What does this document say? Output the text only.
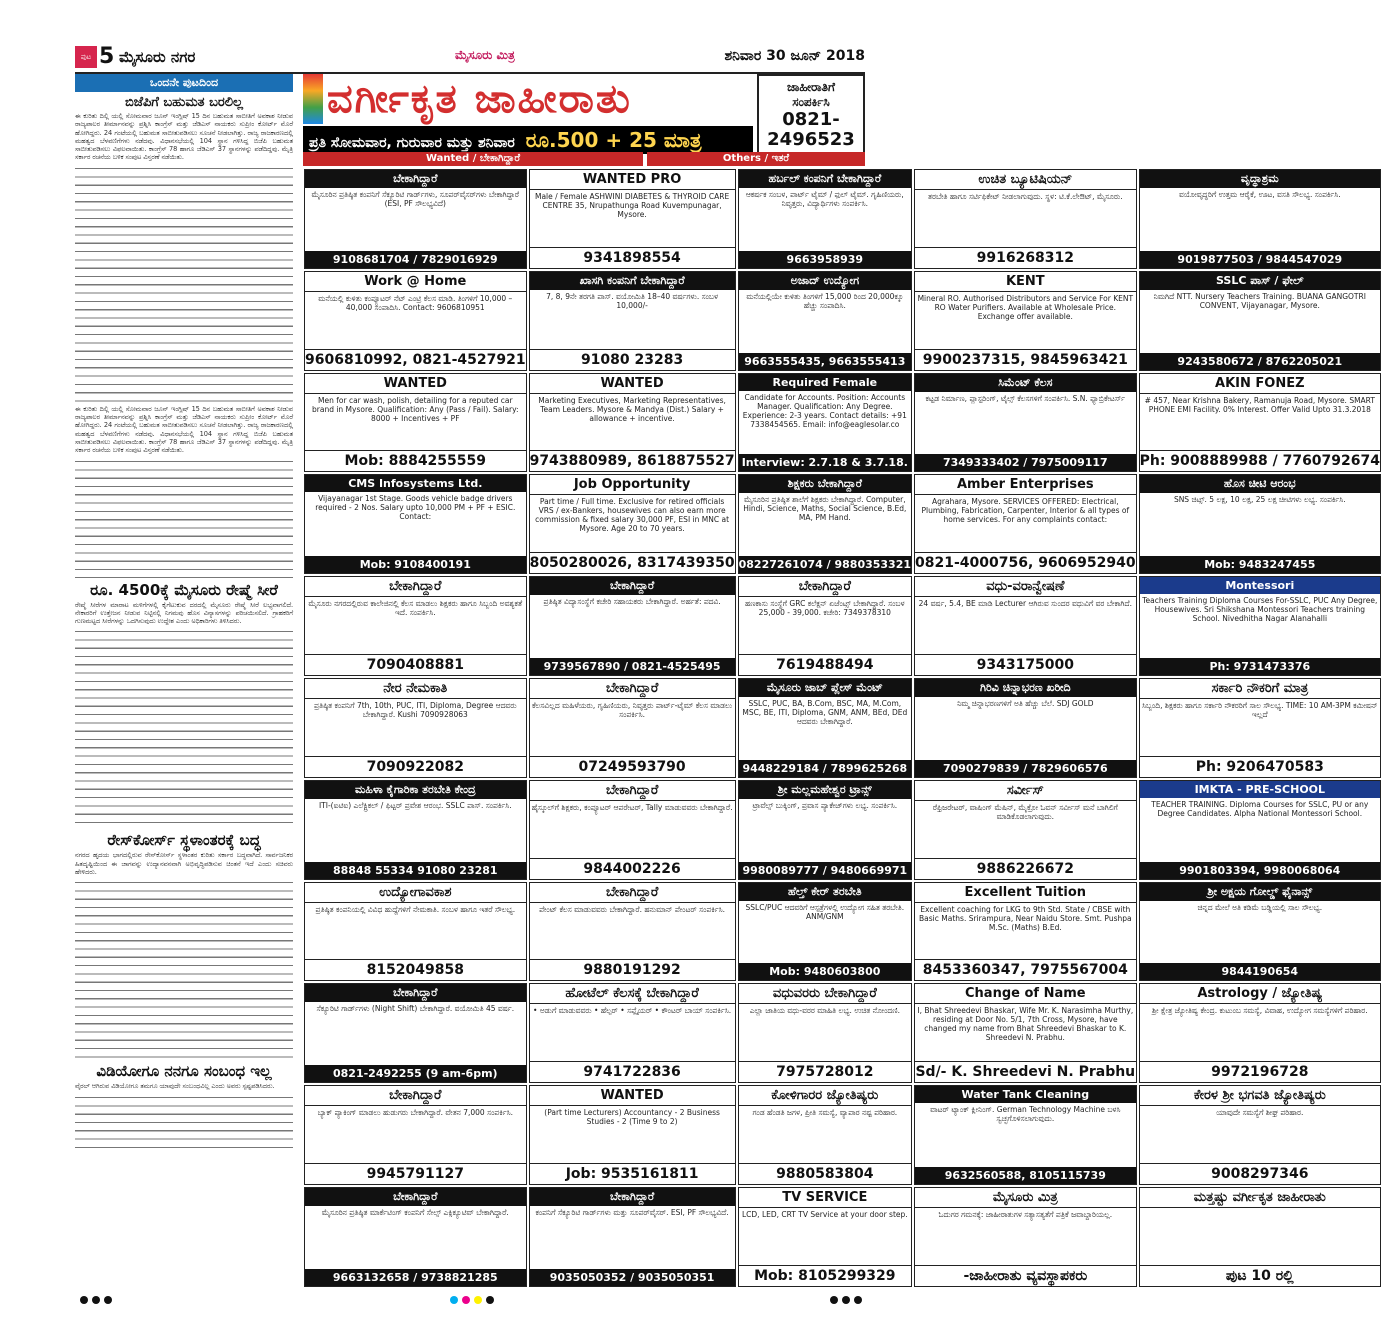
ಪುಟ 5 ಮೈಸೂರು ನಗರ	ಮೈಸೂರು ಮಿತ್ರ	ಶನಿವಾರ 30 ಜೂನ್ 2018
ಒಂದನೇ ಪುಟದಿಂದ
ಬಿಜೆಪಿಗೆ ಬಹುಮತ ಬರಲಿಲ್ಲ

ಈ ಕುರಿತು ದಿಲ್ಲಿ ಯಲ್ಲಿ ಸೋಮವಾರ ಜೂನ್ ಇಂಗ್ಲಿಷ್ 15 ದಿನ ಬಹುಮತ ಸಾಬೀತಿಗೆ ಅವಕಾಶ ನೀಡುವ ರಾಜ್ಯಪಾಲರ ತೀರ್ಮಾನವನ್ನು ಪ್ರಶ್ನಿಸಿ ಕಾಂಗ್ರೆಸ್ ಮತ್ತು ಜೆಡಿಎಸ್ ನಾಯಕರು ಸುಪ್ರೀಂ ಕೋರ್ಟ್ ಮೊರೆ ಹೋಗಿದ್ದರು. 24 ಗಂಟೆಯಲ್ಲಿ ಬಹುಮತ ಸಾಬೀತುಪಡಿಸಲು ಸೂಚನೆ ನೀಡಲಾಗಿತ್ತು. ರಾಜ್ಯ ರಾಜಕಾರಣದಲ್ಲಿ ಮಹತ್ವದ ಬೆಳವಣಿಗೆಗಳು ನಡೆದವು. ವಿಧಾನಸಭೆಯಲ್ಲಿ 104 ಸ್ಥಾನ ಗಳಿಸಿದ್ದ ಬಿಜೆಪಿ ಬಹುಮತ ಸಾಬೀತುಪಡಿಸಲು ವಿಫಲವಾಯಿತು. ಕಾಂಗ್ರೆಸ್ 78 ಹಾಗೂ ಜೆಡಿಎಸ್ 37 ಸ್ಥಾನಗಳನ್ನು ಪಡೆದಿದ್ದವು. ಮೈತ್ರಿ ಸರ್ಕಾರ ರಚನೆಯ ಬಳಿಕ ಸಂಪುಟ ವಿಸ್ತರಣೆ ನಡೆಯಿತು.

ಈ ಕುರಿತು ದಿಲ್ಲಿ ಯಲ್ಲಿ ಸೋಮವಾರ ಜೂನ್ ಇಂಗ್ಲಿಷ್ 15 ದಿನ ಬಹುಮತ ಸಾಬೀತಿಗೆ ಅವಕಾಶ ನೀಡುವ ರಾಜ್ಯಪಾಲರ ತೀರ್ಮಾನವನ್ನು ಪ್ರಶ್ನಿಸಿ ಕಾಂಗ್ರೆಸ್ ಮತ್ತು ಜೆಡಿಎಸ್ ನಾಯಕರು ಸುಪ್ರೀಂ ಕೋರ್ಟ್ ಮೊರೆ ಹೋಗಿದ್ದರು. 24 ಗಂಟೆಯಲ್ಲಿ ಬಹುಮತ ಸಾಬೀತುಪಡಿಸಲು ಸೂಚನೆ ನೀಡಲಾಗಿತ್ತು. ರಾಜ್ಯ ರಾಜಕಾರಣದಲ್ಲಿ ಮಹತ್ವದ ಬೆಳವಣಿಗೆಗಳು ನಡೆದವು. ವಿಧಾನಸಭೆಯಲ್ಲಿ 104 ಸ್ಥಾನ ಗಳಿಸಿದ್ದ ಬಿಜೆಪಿ ಬಹುಮತ ಸಾಬೀತುಪಡಿಸಲು ವಿಫಲವಾಯಿತು. ಕಾಂಗ್ರೆಸ್ 78 ಹಾಗೂ ಜೆಡಿಎಸ್ 37 ಸ್ಥಾನಗಳನ್ನು ಪಡೆದಿದ್ದವು. ಮೈತ್ರಿ ಸರ್ಕಾರ ರಚನೆಯ ಬಳಿಕ ಸಂಪುಟ ವಿಸ್ತರಣೆ ನಡೆಯಿತು.

ರೂ. 4500ಕ್ಕೆ ಮೈಸೂರು ರೇಷ್ಮೆ ಸೀರೆ

ರೇಷ್ಮೆ ಸೀರೆಗಳ ಮಾರಾಟ ಮಳಿಗೆಗಳಲ್ಲಿ ಕೈಗೆಟುಕುವ ದರದಲ್ಲಿ ಮೈಸೂರು ರೇಷ್ಮೆ ಸೀರೆ ಲಭ್ಯವಾಗಲಿದೆ. ನೇಕಾರರಿಗೆ ಉತ್ತೇಜನ ನೀಡುವ ನಿಟ್ಟಿನಲ್ಲಿ ನಿಗಮವು ಹೊಸ ವಿನ್ಯಾಸಗಳನ್ನು ಪರಿಚಯಿಸಲಿದೆ. ಗ್ರಾಹಕರಿಗೆ ಗುಣಮಟ್ಟದ ಸೀರೆಗಳನ್ನು ಒದಗಿಸುವುದು ಉದ್ದೇಶ ಎಂದು ಅಧಿಕಾರಿಗಳು ತಿಳಿಸಿದರು.

ರೇಸ್‌ಕೋರ್ಸ್ ಸ್ಥಳಾಂತರಕ್ಕೆ ಬದ್ಧ

ನಗರದ ಹೃದಯ ಭಾಗದಲ್ಲಿರುವ ರೇಸ್‌ಕೋರ್ಸ್ ಸ್ಥಳಾಂತರ ಕುರಿತು ಸರ್ಕಾರ ಬದ್ಧವಾಗಿದೆ. ಸಾರ್ವಜನಿಕರ ಹಿತದೃಷ್ಟಿಯಿಂದ ಈ ಜಾಗವನ್ನು ಉದ್ಯಾನವನವಾಗಿ ಅಭಿವೃದ್ಧಿಪಡಿಸುವ ಚಿಂತನೆ ಇದೆ ಎಂದು ಸಚಿವರು ಹೇಳಿದರು.

ವಿಡಿಯೋಗೂ ನನಗೂ ಸಂಬಂಧ ಇಲ್ಲ

ವೈರಲ್ ಆಗಿರುವ ವಿಡಿಯೋಗೂ ತಮಗೂ ಯಾವುದೇ ಸಂಬಂಧವಿಲ್ಲ ಎಂದು ಅವರು ಸ್ಪಷ್ಟಪಡಿಸಿದರು.

ವರ್ಗೀಕೃತ ಜಾಹೀರಾತು
ಪ್ರತಿ ಸೋಮವಾರ, ಗುರುವಾರ ಮತ್ತು ಶನಿವಾರ ರೂ.500 + 25 ಮಾತ್ರ
ಜಾಹೀರಾತಿಗೆ
ಸಂಪರ್ಕಿಸಿ
0821-
2496523
Wanted / ಬೇಕಾಗಿದ್ದಾರೆ	Others / ಇತರೆ
ಬೇಕಾಗಿದ್ದಾರೆ
ಮೈಸೂರಿನ ಪ್ರತಿಷ್ಠಿತ ಕಂಪನಿಗೆ ಸೆಕ್ಯೂರಿಟಿ ಗಾರ್ಡ್‌ಗಳು, ಸೂಪರ್‌ವೈಸರ್‌ಗಳು ಬೇಕಾಗಿದ್ದಾರೆ (ESI, PF ಸೌಲಭ್ಯವಿದೆ)
9108681704 / 7829016929
WANTED PRO
Male / Female ASHWINI DIABETES & THYROID CARE CENTRE 35, Nrupathunga Road Kuvempunagar, Mysore.
9341898554
ಹರ್ಬಲ್ ಕಂಪನಿಗೆ ಬೇಕಾಗಿದ್ದಾರೆ
ಆಕರ್ಷಕ ಸಂಬಳ, ಪಾರ್ಟ್ ಟೈಮ್ / ಫುಲ್ ಟೈಮ್. ಗೃಹಿಣಿಯರು, ನಿವೃತ್ತರು, ವಿದ್ಯಾರ್ಥಿಗಳು ಸಂಪರ್ಕಿಸಿ.
9663958939
ಉಚಿತ ಬ್ಯೂಟಿಷಿಯನ್
ತರಬೇತಿ ಹಾಗೂ ಸರ್ಟಿಫಿಕೇಟ್ ನೀಡಲಾಗುವುದು. ಸ್ಥಳ: ಟಿ.ಕೆ.ಲೇಔಟ್, ಮೈಸೂರು.
9916268312
ವೃದ್ಧಾಶ್ರಮ
ವಯೋವೃದ್ಧರಿಗೆ ಉತ್ತಮ ಆರೈಕೆ, ಊಟ, ವಸತಿ ಸೌಲಭ್ಯ. ಸಂಪರ್ಕಿಸಿ.
9019877503 / 9844547029
Work @ Home
ಮನೆಯಲ್ಲಿ ಕುಳಿತು ಕಂಪ್ಯೂಟರ್ ನೆಟ್ ಎಂಟ್ರಿ ಕೆಲಸ ಮಾಡಿ. ತಿಂಗಳಿಗೆ 10,000 – 40,000 ಸಂಪಾದಿಸಿ. Contact: 9606810951
9606810992, 0821-4527921
ಖಾಸಗಿ ಕಂಪನಿಗೆ ಬೇಕಾಗಿದ್ದಾರೆ
7, 8, 9ನೇ ತರಗತಿ ಪಾಸ್. ವಯೋಮಿತಿ 18–40 ವರ್ಷಗಳು. ಸಂಬಳ 10,000/-
91080 23283
ಅಜಾದ್ ಉದ್ಯೋಗ
ಮನೆಯಲ್ಲಿಯೇ ಕುಳಿತು ತಿಂಗಳಿಗೆ 15,000 ರಿಂದ 20,000ಕ್ಕೂ ಹೆಚ್ಚು ಸಂಪಾದಿಸಿ.
9663555435, 9663555413
KENT
Mineral RO. Authorised Distributors and Service For KENT RO Water Purifiers. Available at Wholesale Price. Exchange offer available.
9900237315, 9845963421
SSLC ಪಾಸ್ / ಫೇಲ್
ನಿಮಗಿದೆ NTT. Nursery Teachers Training. BUANA GANGOTRI CONVENT, Vijayanagar, Mysore.
9243580672 / 8762205021
WANTED
Men for car wash, polish, detailing for a reputed car brand in Mysore. Qualification: Any (Pass / Fail). Salary: 8000 + Incentives + PF
Mob: 8884255559
WANTED
Marketing Executives, Marketing Representatives, Team Leaders. Mysore & Mandya (Dist.) Salary + allowance + incentive.
9743880989, 8618875527
Required Female
Candidate for Accounts. Position: Accounts Manager. Qualification: Any Degree. Experience: 2-3 years. Contact details: +91 7338454565. Email: info@eaglesolar.co
Interview: 2.7.18 & 3.7.18.
ಸಿಮೆಂಟ್ ಕೆಲಸ
ಕಟ್ಟಡ ನಿರ್ಮಾಣ, ಪ್ಲಾಸ್ಟರಿಂಗ್, ಟೈಲ್ಸ್ ಕೆಲಸಗಳಿಗೆ ಸಂಪರ್ಕಿಸಿ. S.N. ಫ್ಯಾಬ್ರಿಕೇಟರ್ಸ್
7349333402 / 7975009117
AKIN FONEZ
# 457, Near Krishna Bakery, Ramanuja Road, Mysore. SMART PHONE EMI Facility. 0% Interest. Offer Valid Upto 31.3.2018
Ph: 9008889988 / 7760792674
CMS Infosystems Ltd.
Vijayanagar 1st Stage. Goods vehicle badge drivers required - 2 Nos. Salary upto 10,000 PM + PF + ESIC. Contact:
Mob: 9108400191
Job Opportunity
Part time / Full time. Exclusive for retired officials VRS / ex-Bankers, housewives can also earn more commission & fixed salary 30,000 PF, ESI in MNC at Mysore. Age 20 to 70 years.
8050280026, 8317439350
ಶಿಕ್ಷಕರು ಬೇಕಾಗಿದ್ದಾರೆ
ಮೈಸೂರಿನ ಪ್ರತಿಷ್ಠಿತ ಶಾಲೆಗೆ ಶಿಕ್ಷಕರು ಬೇಕಾಗಿದ್ದಾರೆ. Computer, Hindi, Science, Maths, Social Science, B.Ed, MA, PM Hand.
08227261074 / 9880353321
Amber Enterprises
Agrahara, Mysore. SERVICES OFFERED: Electrical, Plumbing, Fabrication, Carpenter, Interior & all types of home services. For any complaints contact:
0821-4000756, 9606952940
ಹೊಸ ಚೀಟಿ ಆರಂಭ
SNS ಚಿಟ್ಸ್. 5 ಲಕ್ಷ, 10 ಲಕ್ಷ, 25 ಲಕ್ಷ ಚೀಟಿಗಳು ಲಭ್ಯ. ಸಂಪರ್ಕಿಸಿ.
Mob: 9483247455
ಬೇಕಾಗಿದ್ದಾರೆ
ಮೈಸೂರು ನಗರದಲ್ಲಿರುವ ಕಾಲೇಜಿನಲ್ಲಿ ಕೆಲಸ ಮಾಡಲು ಶಿಕ್ಷಕರು ಹಾಗೂ ಸಿಬ್ಬಂದಿ ಅವಶ್ಯಕತೆ ಇದೆ. ಸಂಪರ್ಕಿಸಿ.
7090408881
ಬೇಕಾಗಿದ್ದಾರೆ
ಪ್ರತಿಷ್ಠಿತ ವಿದ್ಯಾಸಂಸ್ಥೆಗೆ ಕಚೇರಿ ಸಹಾಯಕರು ಬೇಕಾಗಿದ್ದಾರೆ. ಅರ್ಹತೆ: ಪದವಿ.
9739567890 / 0821-4525495
ಬೇಕಾಗಿದ್ದಾರೆ
ಹಣಕಾಸು ಸಂಸ್ಥೆಗೆ GRC ಕಲೆಕ್ಷನ್ ಏಜೆಂಟ್ಸ್ ಬೇಕಾಗಿದ್ದಾರೆ. ಸಂಬಳ 25,000 - 39,000. ಕಚೇರಿ: 7349378310
7619488494
ವಧು-ವರಾನ್ವೇಷಣೆ
24 ವರ್ಷ, 5.4, BE ಮಾಡಿ Lecturer ಆಗಿರುವ ಸುಂದರ ವಧುವಿಗೆ ವರ ಬೇಕಾಗಿದೆ.
9343175000
Montessori
Teachers Training Diploma Courses For-SSLC, PUC Any Degree, Housewives. Sri Shikshana Montessori Teachers training School. Nivedhitha Nagar Alanahalli
Ph: 9731473376
ನೇರ ನೇಮಕಾತಿ
ಪ್ರತಿಷ್ಠಿತ ಕಂಪನಿಗೆ 7th, 10th, PUC, ITI, Diploma, Degree ಆದವರು ಬೇಕಾಗಿದ್ದಾರೆ. Kushi 7090928063
7090922082
ಬೇಕಾಗಿದ್ದಾರೆ
ಕೆಲಸವಿಲ್ಲದ ಮಹಿಳೆಯರು, ಗೃಹಿಣಿಯರು, ನಿವೃತ್ತರು ಪಾರ್ಟ್-ಟೈಮ್ ಕೆಲಸ ಮಾಡಲು ಸಂಪರ್ಕಿಸಿ.
07249593790
ಮೈಸೂರು ಜಾಬ್ ಪ್ಲೇಸ್ ಮೆಂಟ್
SSLC, PUC, BA, B.Com, BSC, MA, M.Com, MSC, BE, ITI, Diploma, GNM, ANM, BEd, DEd ಆದವರು ಬೇಕಾಗಿದ್ದಾರೆ.
9448229184 / 7899625268
ಗಿರಿವಿ ಚಿನ್ನಾಭರಣ ಖರೀದಿ
ನಿಮ್ಮ ಚಿನ್ನಾಭರಣಗಳಿಗೆ ಅತಿ ಹೆಚ್ಚು ಬೆಲೆ. SDJ GOLD
7090279839 / 7829606576
ಸರ್ಕಾರಿ ನೌಕರಿಗೆ ಮಾತ್ರ
ಸಿಬ್ಬಂದಿ, ಶಿಕ್ಷಕರು ಹಾಗೂ ಸರ್ಕಾರಿ ನೌಕರರಿಗೆ ಸಾಲ ಸೌಲಭ್ಯ. TIME: 10 AM-3PM ಕಮೀಷನ್ ಇಲ್ಲದೆ
Ph: 9206470583
ಮಹಿಳಾ ಕೈಗಾರಿಕಾ ತರಬೇತಿ ಕೇಂದ್ರ
ITI-(ಐಟಿಐ) ಎಲೆಕ್ಟ್ರಿಕಲ್ / ಫಿಟ್ಟರ್ ಪ್ರವೇಶ ಆರಂಭ. SSLC ಪಾಸ್. ಸಂಪರ್ಕಿಸಿ.
88848 55334 91080 23281
ಬೇಕಾಗಿದ್ದಾರೆ
ಹೈಸ್ಕೂಲ್‌ಗೆ ಶಿಕ್ಷಕರು, ಕಂಪ್ಯೂಟರ್ ಆಪರೇಟರ್, Tally ಮಾಡುವವರು ಬೇಕಾಗಿದ್ದಾರೆ.
9844002226
ಶ್ರೀ ಮಲ್ಲಮಹೇಶ್ವರ ಟ್ರಾನ್ಸ್
ಟ್ರಾವೆಲ್ಸ್ ಬುಕ್ಕಿಂಗ್, ಪ್ರವಾಸ ಪ್ಯಾಕೇಜ್‌ಗಳು ಲಭ್ಯ. ಸಂಪರ್ಕಿಸಿ.
9980089777 / 9480669971
ಸರ್ವೀಸ್
ರೆಫ್ರಿಜರೇಟರ್, ವಾಷಿಂಗ್ ಮೆಷಿನ್, ಮೈಕ್ರೋ ಓವನ್ ಸರ್ವೀಸ್ ಮನೆ ಬಾಗಿಲಿಗೆ ಮಾಡಿಕೊಡಲಾಗುವುದು.
9886226672
IMKTA - PRE-SCHOOL
TEACHER TRAINING. Diploma Courses for SSLC, PU or any Degree Candidates. Alpha National Montessori School.
9901803394, 9980068064
ಉದ್ಯೋಗಾವಕಾಶ
ಪ್ರತಿಷ್ಠಿತ ಕಂಪನಿಯಲ್ಲಿ ವಿವಿಧ ಹುದ್ದೆಗಳಿಗೆ ನೇಮಕಾತಿ. ಸಂಬಳ ಹಾಗೂ ಇತರೆ ಸೌಲಭ್ಯ.
8152049858
ಬೇಕಾಗಿದ್ದಾರೆ
ಪೇಂಟ್ ಕೆಲಸ ಮಾಡುವವರು ಬೇಕಾಗಿದ್ದಾರೆ. ಹನುಮಾನ್ ಪೇಂಟರ್ ಸಂಪರ್ಕಿಸಿ.
9880191292
ಹೆಲ್ತ್ ಕೇರ್ ತರಬೇತಿ
SSLC/PUC ಆದವರಿಗೆ ಆಸ್ಪತ್ರೆಗಳಲ್ಲಿ ಉದ್ಯೋಗ ಸಹಿತ ತರಬೇತಿ. ANM/GNM
Mob: 9480603800
Excellent Tuition
Excellent coaching for LKG to 9th Std. State / CBSE with Basic Maths. Srirampura, Near Naidu Store. Smt. Pushpa M.Sc. (Maths) B.Ed.
8453360347, 7975567004
ಶ್ರೀ ಅಕ್ಷಯ ಗೋಲ್ಡ್ ಫೈನಾನ್ಸ್
ಚಿನ್ನದ ಮೇಲೆ ಅತಿ ಕಡಿಮೆ ಬಡ್ಡಿಯಲ್ಲಿ ಸಾಲ ಸೌಲಭ್ಯ.
9844190654
ಬೇಕಾಗಿದ್ದಾರೆ
ಸೆಕ್ಯೂರಿಟಿ ಗಾರ್ಡ್‌ಗಳು (Night Shift) ಬೇಕಾಗಿದ್ದಾರೆ. ವಯೋಮಿತಿ 45 ವರ್ಷ.
0821-2492255 (9 am-6pm)
ಹೋಟೆಲ್ ಕೆಲಸಕ್ಕೆ ಬೇಕಾಗಿದ್ದಾರೆ
• ಅಡುಗೆ ಮಾಡುವವರು • ಹೆಲ್ಪರ್ • ಸಪ್ಲೈಯರ್ • ಕೌಂಟರ್ ಬಾಯ್ ಸಂಪರ್ಕಿಸಿ.
9741722836
ವಧುವರರು ಬೇಕಾಗಿದ್ದಾರೆ
ಎಲ್ಲಾ ಜಾತಿಯ ವಧು-ವರರ ಮಾಹಿತಿ ಲಭ್ಯ. ಉಚಿತ ನೋಂದಣಿ.
7975728012
Change of Name
I, Bhat Shreedevi Bhaskar, Wife Mr. K. Narasimha Murthy, residing at Door No. 5/1, 7th Cross, Mysore, have changed my name from Bhat Shreedevi Bhaskar to K. Shreedevi N. Prabhu.
Sd/- K. Shreedevi N. Prabhu
Astrology / ಜ್ಯೋತಿಷ್ಯ
ಶ್ರೀ ಕ್ಷೇತ್ರ ಜ್ಯೋತಿಷ್ಯ ಕೇಂದ್ರ. ಕುಟುಂಬ ಸಮಸ್ಯೆ, ವಿವಾಹ, ಉದ್ಯೋಗ ಸಮಸ್ಯೆಗಳಿಗೆ ಪರಿಹಾರ.
9972196728
ಬೇಕಾಗಿದ್ದಾರೆ
ಬ್ಯಾಕ್ ಪ್ಯಾಕಿಂಗ್ ಮಾಡಲು ಹುಡುಗರು ಬೇಕಾಗಿದ್ದಾರೆ. ವೇತನ 7,000 ಸಂಪರ್ಕಿಸಿ.
9945791127
WANTED
(Part time Lecturers) Accountancy - 2 Business Studies - 2 (Time 9 to 2)
Job: 9535161811
ಕೋಳಿಗಾರರ ಜ್ಯೋತಿಷ್ಯರು
ಗಂಡ ಹೆಂಡತಿ ಜಗಳ, ಪ್ರೀತಿ ಸಮಸ್ಯೆ, ವ್ಯಾಪಾರ ನಷ್ಟ ಪರಿಹಾರ.
9880583804
Water Tank Cleaning
ವಾಟರ್ ಟ್ಯಾಂಕ್ ಕ್ಲೀನಿಂಗ್. German Technology Machine ಬಳಸಿ ಸ್ವಚ್ಛಗೊಳಿಸಲಾಗುವುದು.
9632560588, 8105115739
ಕೇರಳ ಶ್ರೀ ಭಗವತಿ ಜ್ಯೋತಿಷ್ಯರು
ಯಾವುದೇ ಸಮಸ್ಯೆಗೆ ಶೀಘ್ರ ಪರಿಹಾರ.
9008297346
ಬೇಕಾಗಿದ್ದಾರೆ
ಮೈಸೂರಿನ ಪ್ರತಿಷ್ಠಿತ ಮಾರ್ಕೆಟಿಂಗ್ ಕಂಪನಿಗೆ ಸೇಲ್ಸ್ ಎಕ್ಸಿಕ್ಯೂಟಿವ್ ಬೇಕಾಗಿದ್ದಾರೆ.
9663132658 / 9738821285
ಬೇಕಾಗಿದ್ದಾರೆ
ಕಂಪನಿಗೆ ಸೆಕ್ಯೂರಿಟಿ ಗಾರ್ಡ್‌ಗಳು ಮತ್ತು ಸೂಪರ್‌ವೈಸರ್. ESI, PF ಸೌಲಭ್ಯವಿದೆ.
9035050352 / 9035050351
TV SERVICE
LCD, LED, CRT TV Service at your door step.
Mob: 8105299329
ಮೈಸೂರು ಮಿತ್ರ
ಓದುಗರ ಗಮನಕ್ಕೆ: ಜಾಹೀರಾತುಗಳ ಸತ್ಯಾಸತ್ಯತೆಗೆ ಪತ್ರಿಕೆ ಜವಾಬ್ದಾರಿಯಲ್ಲ.
-ಜಾಹೀರಾತು ವ್ಯವಸ್ಥಾಪಕರು
ಮತ್ತಷ್ಟು ವರ್ಗೀಕೃತ ಜಾಹೀರಾತು
ಪುಟ 10 ರಲ್ಲಿ
